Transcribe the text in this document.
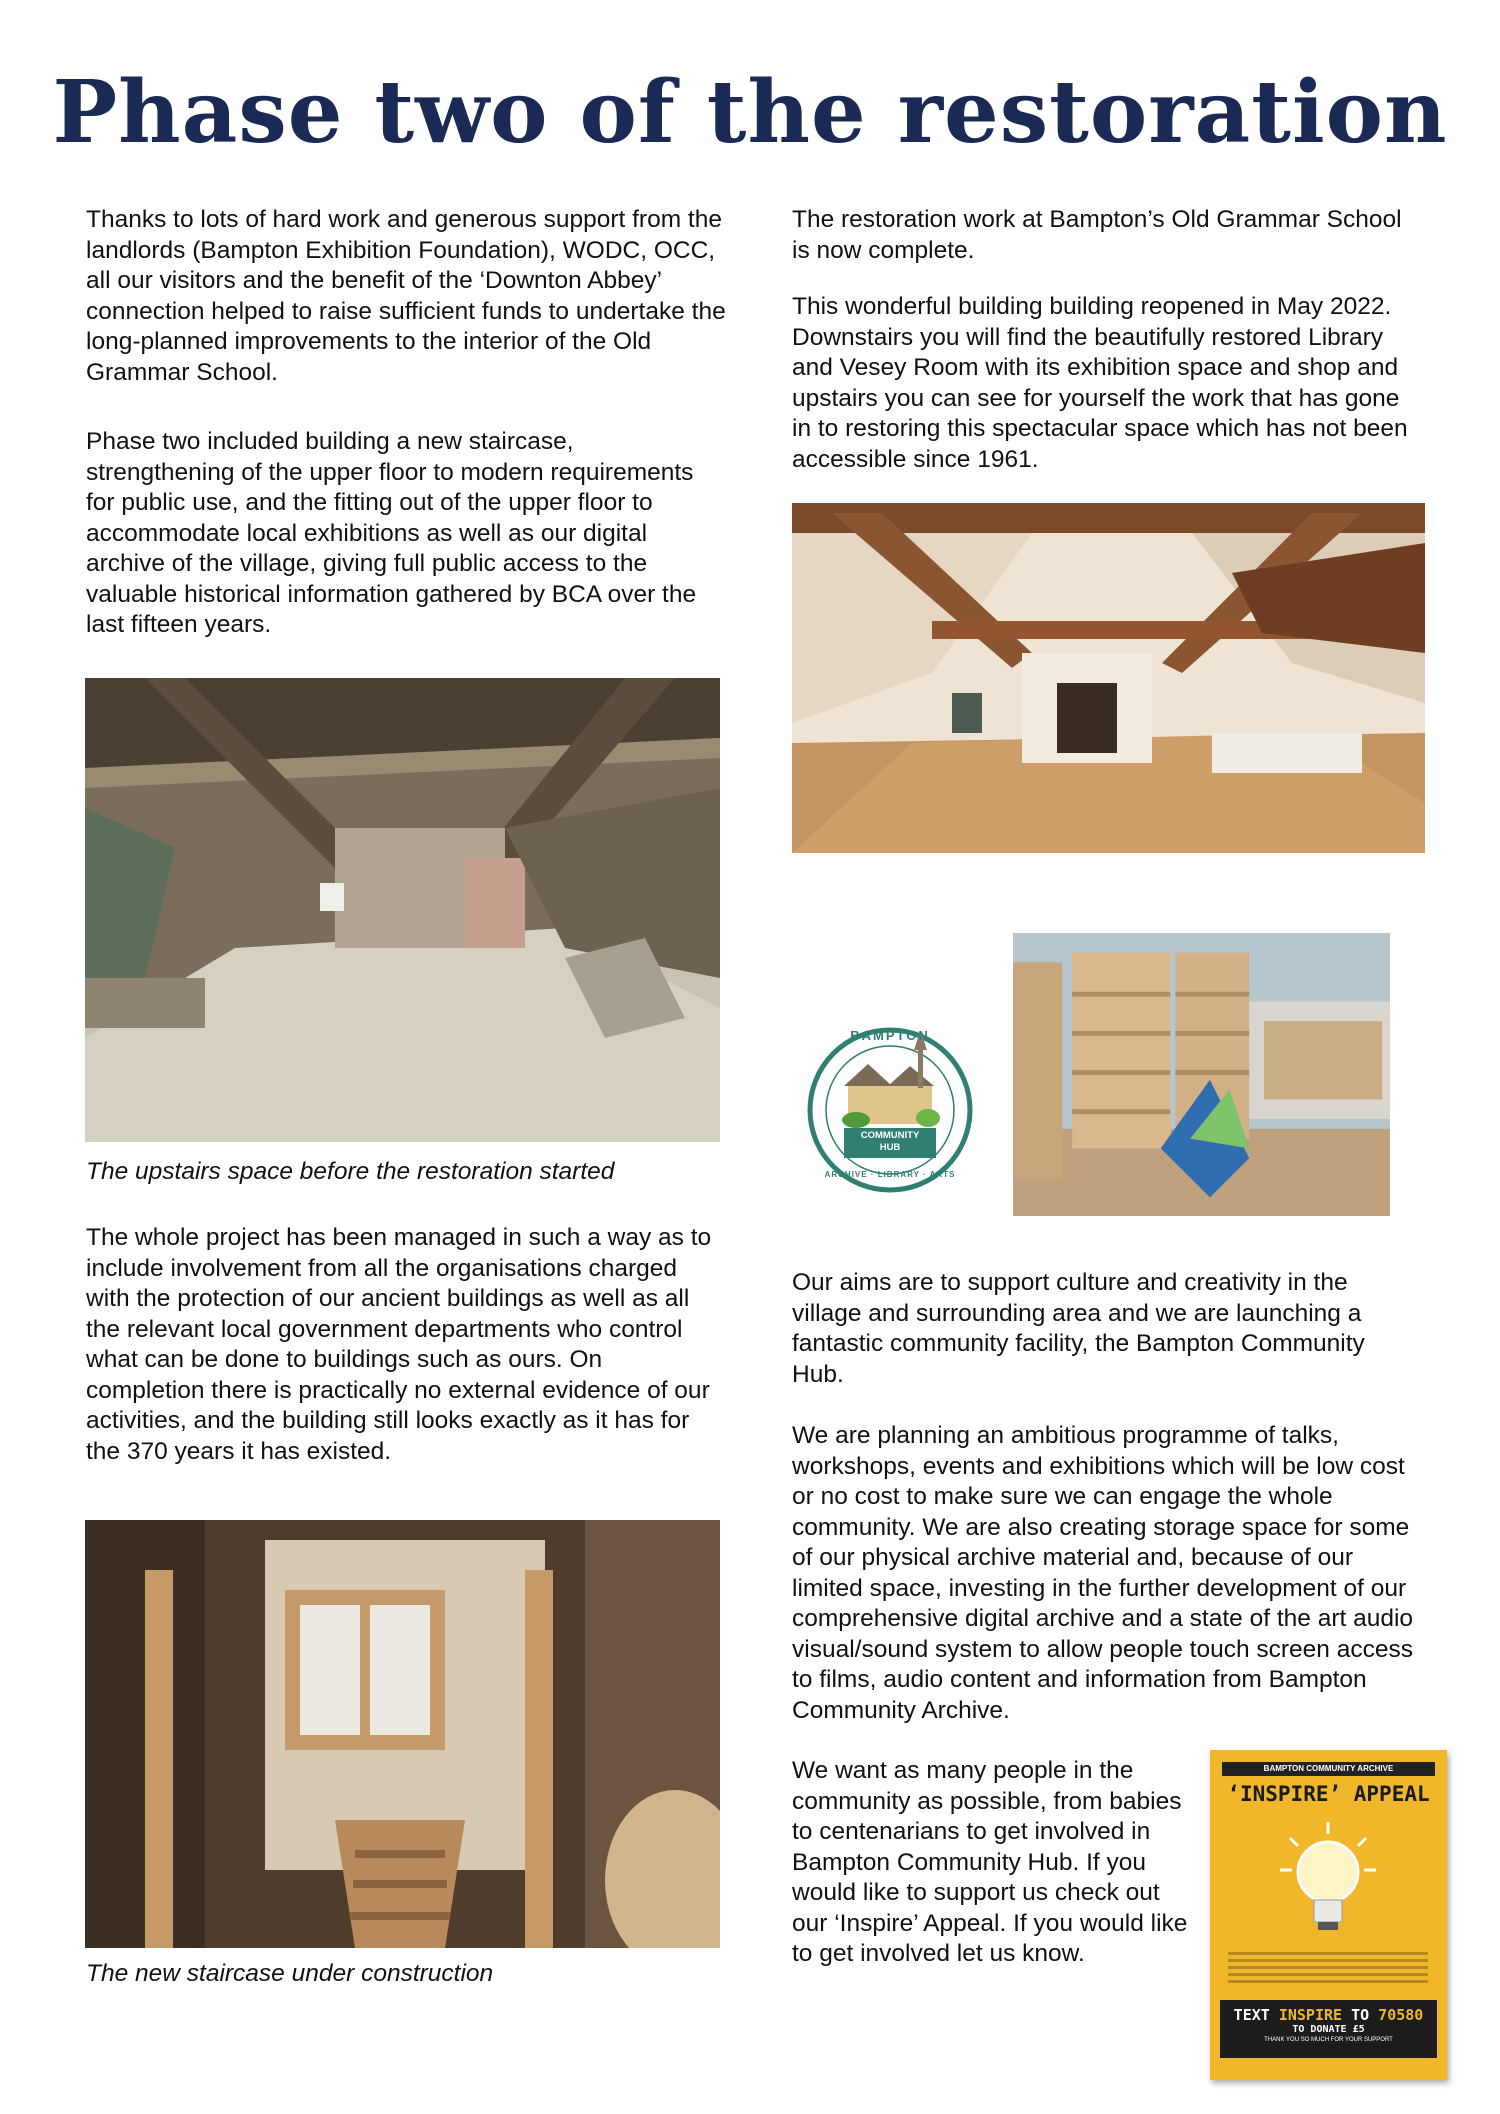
Phase two of the restoration

Thanks to lots of hard work and generous support from the landlords (Bampton Exhibition Foundation), WODC, OCC, all our visitors and the benefit of the ‘Downton Abbey’ connection helped to raise sufficient funds to undertake the long-planned improvements to the interior of the Old Grammar School.

Phase two included building a new staircase, strengthening of the upper floor to modern requirements for public use, and the fitting out of the upper floor to accommodate local exhibitions as well as our digital archive of the village, giving full public access to the valuable historical information gathered by BCA over the last fifteen years.

The upstairs space before the restoration started

The whole project has been managed in such a way as to include involvement from all the organisations charged with the protection of our ancient buildings as well as all the relevant local government departments who control what can be done to buildings such as ours. On completion there is practically no external evidence of our activities, and the building still looks exactly as it has for the 370 years it has existed.

The new staircase under construction

The restoration work at Bampton’s Old Grammar School is now complete.

This wonderful building building reopened in May 2022. Downstairs you will find the beautifully restored Library and Vesey Room with its exhibition space and shop and upstairs you can see for yourself the work that has gone in to restoring this spectacular space which has not been accessible since 1961.

BAMPTON
COMMUNITY
HUB
ARCHIVE · LIBRARY · ARTS

Our aims are to support culture and creativity in the village and surrounding area and we are launching a fantastic community facility, the Bampton Community Hub.

We are planning an ambitious programme of talks, workshops, events and exhibitions which will be low cost or no cost to make sure we can engage the whole community. We are also creating storage space for some of our physical archive material and, because of our limited space, investing in the further development of our comprehensive digital archive and a state of the art audio visual/sound system to allow people touch screen access to films, audio content and information from Bampton Community Archive.

We want as many people in the community as possible, from babies to centenarians to get involved in Bampton Community Hub. If you would like to support us check out our ‘Inspire’ Appeal. If you would like to get involved let us know.

BAMPTON COMMUNITY ARCHIVE
‘INSPIRE’ APPEAL
TEXT INSPIRE TO 70580
TO DONATE £5
THANK YOU SO MUCH FOR YOUR SUPPORT
